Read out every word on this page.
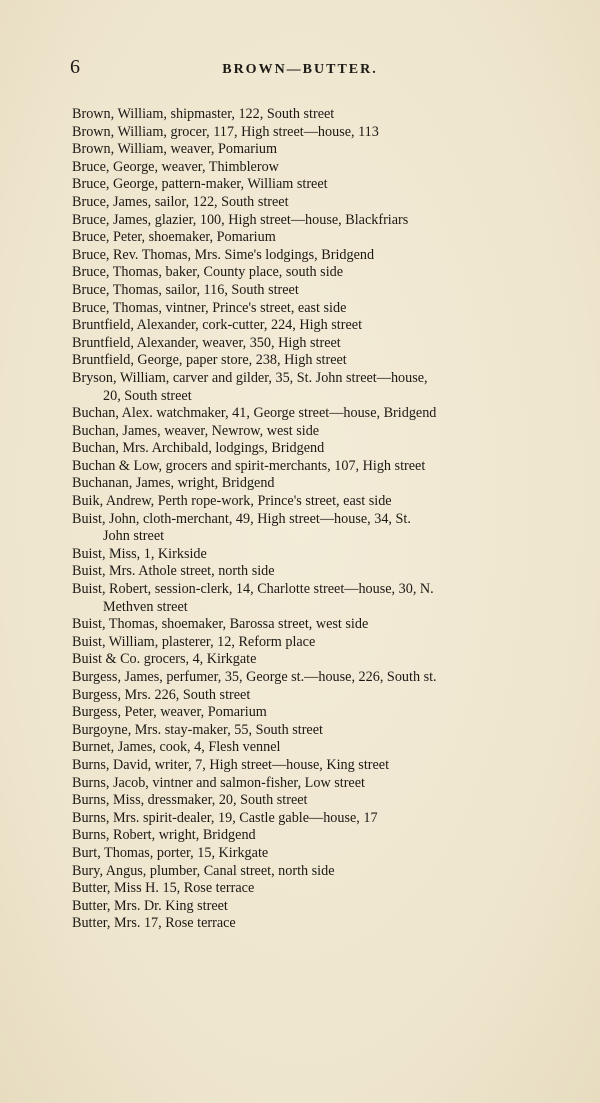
6	BROWN—BUTTER.
Brown, William, shipmaster, 122, South street
Brown, William, grocer, 117, High street—house, 113
Brown, William, weaver, Pomarium
Bruce, George, weaver, Thimblerow
Bruce, George, pattern-maker, William street
Bruce, James, sailor, 122, South street
Bruce, James, glazier, 100, High street—house, Blackfriars
Bruce, Peter, shoemaker, Pomarium
Bruce, Rev. Thomas, Mrs. Sime's lodgings, Bridgend
Bruce, Thomas, baker, County place, south side
Bruce, Thomas, sailor, 116, South street
Bruce, Thomas, vintner, Prince's street, east side
Bruntfield, Alexander, cork-cutter, 224, High street
Bruntfield, Alexander, weaver, 350, High street
Bruntfield, George, paper store, 238, High street
Bryson, William, carver and gilder, 35, St. John street—house,
20, South street
Buchan, Alex. watchmaker, 41, George street—house, Bridgend
Buchan, James, weaver, Newrow, west side
Buchan, Mrs. Archibald, lodgings, Bridgend
Buchan & Low, grocers and spirit-merchants, 107, High street
Buchanan, James, wright, Bridgend
Buik, Andrew, Perth rope-work, Prince's street, east side
Buist, John, cloth-merchant, 49, High street—house, 34, St.
John street
Buist, Miss, 1, Kirkside
Buist, Mrs. Athole street, north side
Buist, Robert, session-clerk, 14, Charlotte street—house, 30, N.
Methven street
Buist, Thomas, shoemaker, Barossa street, west side
Buist, William, plasterer, 12, Reform place
Buist & Co. grocers, 4, Kirkgate
Burgess, James, perfumer, 35, George st.—house, 226, South st.
Burgess, Mrs. 226, South street
Burgess, Peter, weaver, Pomarium
Burgoyne, Mrs. stay-maker, 55, South street
Burnet, James, cook, 4, Flesh vennel
Burns, David, writer, 7, High street—house, King street
Burns, Jacob, vintner and salmon-fisher, Low street
Burns, Miss, dressmaker, 20, South street
Burns, Mrs. spirit-dealer, 19, Castle gable—house, 17
Burns, Robert, wright, Bridgend
Burt, Thomas, porter, 15, Kirkgate
Bury, Angus, plumber, Canal street, north side
Butter, Miss H. 15, Rose terrace
Butter, Mrs. Dr. King street
Butter, Mrs. 17, Rose terrace
